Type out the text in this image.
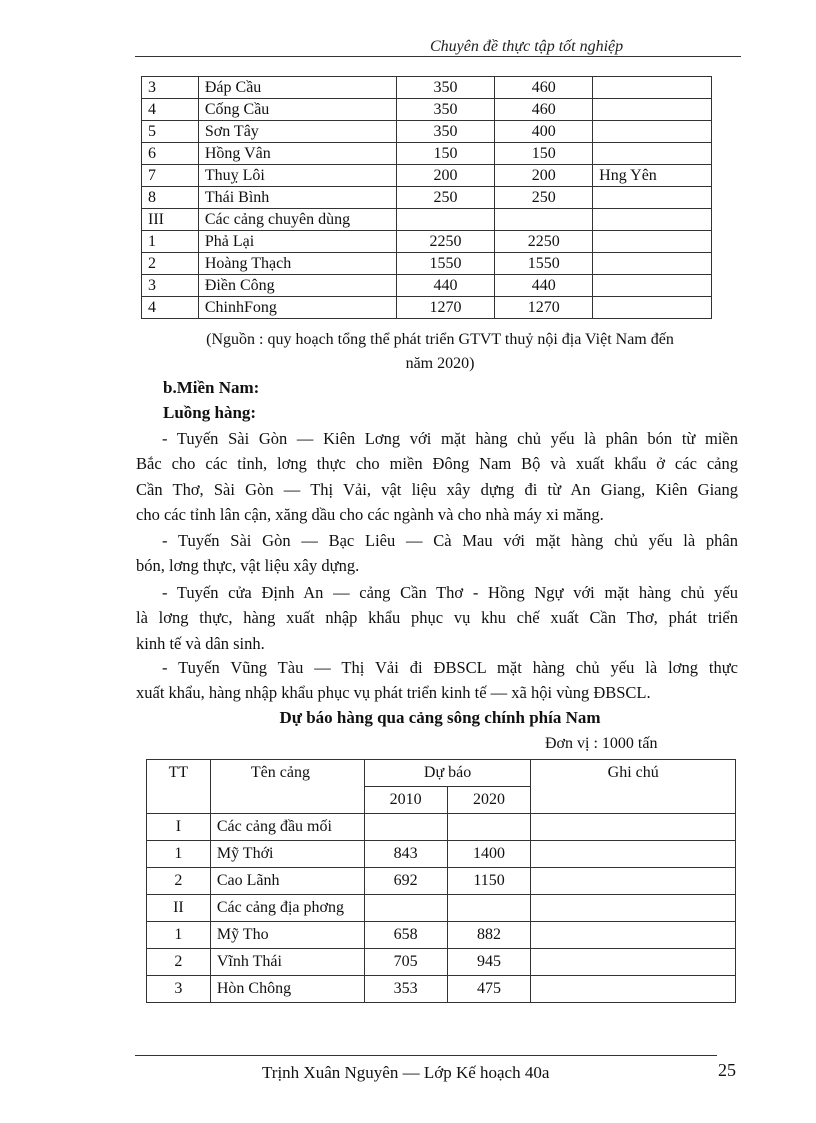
Chuyên đề thực tập tốt nghiệp
3	Đáp Cầu	350	460	
4	Cống Cầu	350	460	
5	Sơn Tây	350	400	
6	Hồng Vân	150	150	
7	Thuỵ Lôi	200	200	Hng Yên
8	Thái Bình	250	250	
III	Các cảng chuyên dùng			
1	Phả Lại	2250	2250	
2	Hoàng Thạch	1550	1550	
3	Điền Công	440	440	
4	ChinhFong	1270	1270	
(Nguồn : quy hoạch tổng thể phát triển GTVT thuỷ nội địa Việt Nam đến
năm 2020)
b.Miền Nam:
Luồng hàng:
- Tuyến Sài Gòn — Kiên Lơng với mặt hàng chủ yếu là phân bón từ miền
Bắc cho các tỉnh, lơng thực cho miền Đông Nam Bộ và xuất khẩu ở các cảng
Cần Thơ, Sài Gòn — Thị Vải, vật liệu xây dựng đi từ An Giang, Kiên Giang
cho các tỉnh lân cận, xăng dầu cho các ngành và cho nhà máy xi măng.
- Tuyến Sài Gòn — Bạc Liêu — Cà Mau với mặt hàng chủ yếu là phân
bón, lơng thực, vật liệu xây dựng.
- Tuyến cửa Định An — cảng Cần Thơ - Hồng Ngự với mặt hàng chủ yếu
là lơng thực, hàng xuất nhập khẩu phục vụ khu chế xuất Cần Thơ, phát triển
kinh tế và dân sinh.
- Tuyến Vũng Tàu — Thị Vải đi ĐBSCL mặt hàng chủ yếu là lơng thực
xuất khẩu, hàng nhập khẩu phục vụ phát triển kinh tế — xã hội vùng ĐBSCL.
Dự báo hàng qua cảng sông chính phía Nam
Đơn vị : 1000 tấn
TT	Tên cảng	Dự báo		Ghi chú
		2010	2020	
I	Các cảng đầu mối			
1	Mỹ Thới	843	1400	
2	Cao Lãnh	692	1150	
II	Các cảng địa phơng			
1	Mỹ Tho	658	882	
2	Vĩnh Thái	705	945	
3	Hòn Chông	353	475	
Trịnh Xuân Nguyên — Lớp Kế hoạch 40a	25
